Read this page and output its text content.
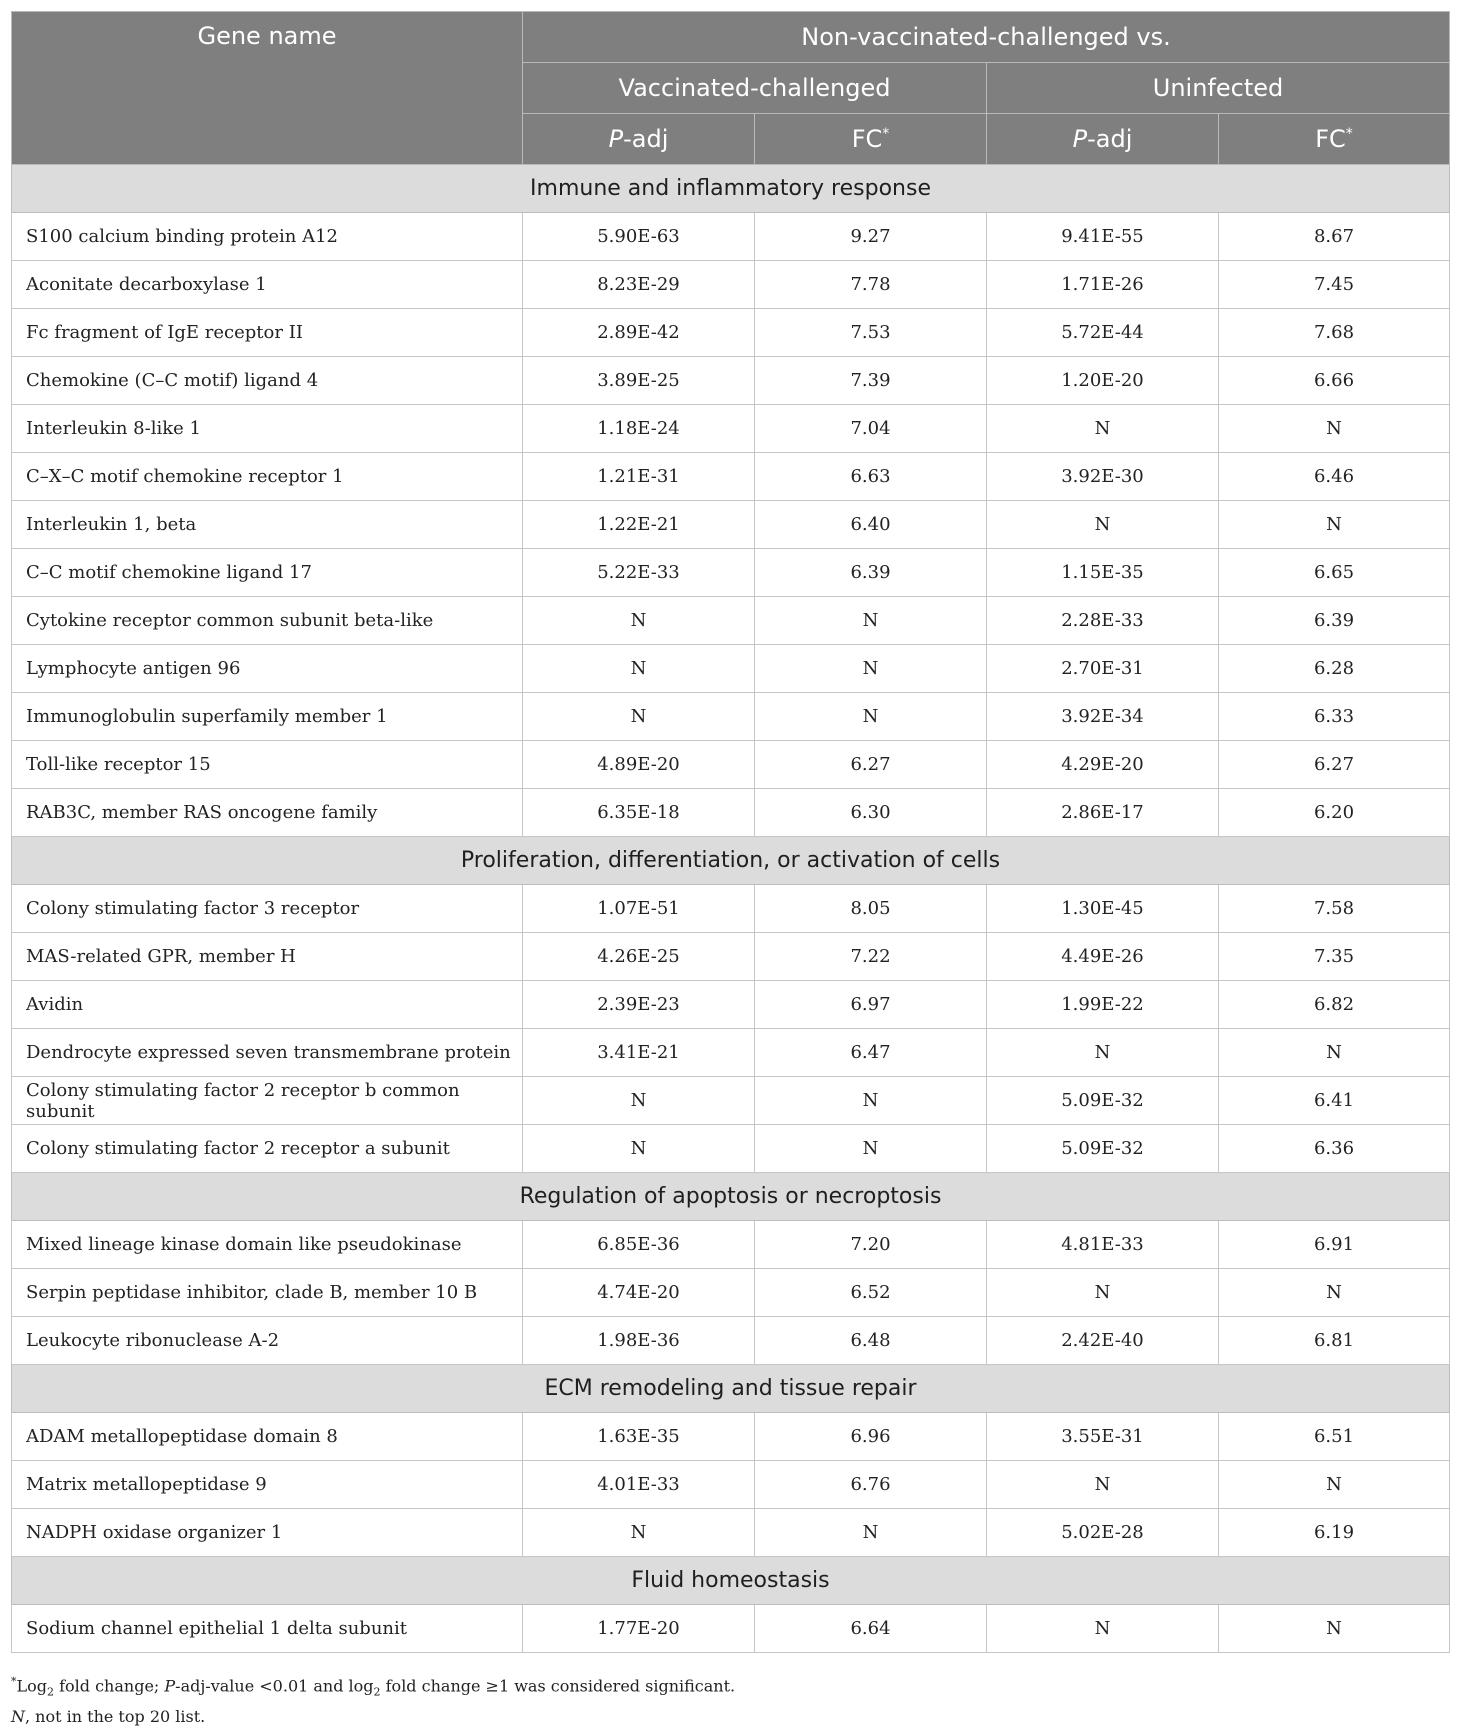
Gene name	Non-vaccinated-challenged vs.			
	Vaccinated-challenged		Uninfected	
	P-adj	FC*	P-adj	FC*
Immune and inflammatory response				
S100 calcium binding protein A12	5.90E-63	9.27	9.41E-55	8.67
Aconitate decarboxylase 1	8.23E-29	7.78	1.71E-26	7.45
Fc fragment of IgE receptor II	2.89E-42	7.53	5.72E-44	7.68
Chemokine (C–C motif) ligand 4	3.89E-25	7.39	1.20E-20	6.66
Interleukin 8-like 1	1.18E-24	7.04	N	N
C–X–C motif chemokine receptor 1	1.21E-31	6.63	3.92E-30	6.46
Interleukin 1, beta	1.22E-21	6.40	N	N
C–C motif chemokine ligand 17	5.22E-33	6.39	1.15E-35	6.65
Cytokine receptor common subunit beta-like	N	N	2.28E-33	6.39
Lymphocyte antigen 96	N	N	2.70E-31	6.28
Immunoglobulin superfamily member 1	N	N	3.92E-34	6.33
Toll-like receptor 15	4.89E-20	6.27	4.29E-20	6.27
RAB3C, member RAS oncogene family	6.35E-18	6.30	2.86E-17	6.20
Proliferation, differentiation, or activation of cells				
Colony stimulating factor 3 receptor	1.07E-51	8.05	1.30E-45	7.58
MAS-related GPR, member H	4.26E-25	7.22	4.49E-26	7.35
Avidin	2.39E-23	6.97	1.99E-22	6.82
Dendrocyte expressed seven transmembrane protein	3.41E-21	6.47	N	N
Colony stimulating factor 2 receptor b common subunit	N	N	5.09E-32	6.41
Colony stimulating factor 2 receptor a subunit	N	N	5.09E-32	6.36
Regulation of apoptosis or necroptosis				
Mixed lineage kinase domain like pseudokinase	6.85E-36	7.20	4.81E-33	6.91
Serpin peptidase inhibitor, clade B, member 10 B	4.74E-20	6.52	N	N
Leukocyte ribonuclease A-2	1.98E-36	6.48	2.42E-40	6.81
ECM remodeling and tissue repair				
ADAM metallopeptidase domain 8	1.63E-35	6.96	3.55E-31	6.51
Matrix metallopeptidase 9	4.01E-33	6.76	N	N
NADPH oxidase organizer 1	N	N	5.02E-28	6.19
Fluid homeostasis				
Sodium channel epithelial 1 delta subunit	1.77E-20	6.64	N	N
*Log$_2$ fold change; P-adj-value <0.01 and $\log_2$ fold change ≥1 was considered significant.
N, not in the top 20 list.
